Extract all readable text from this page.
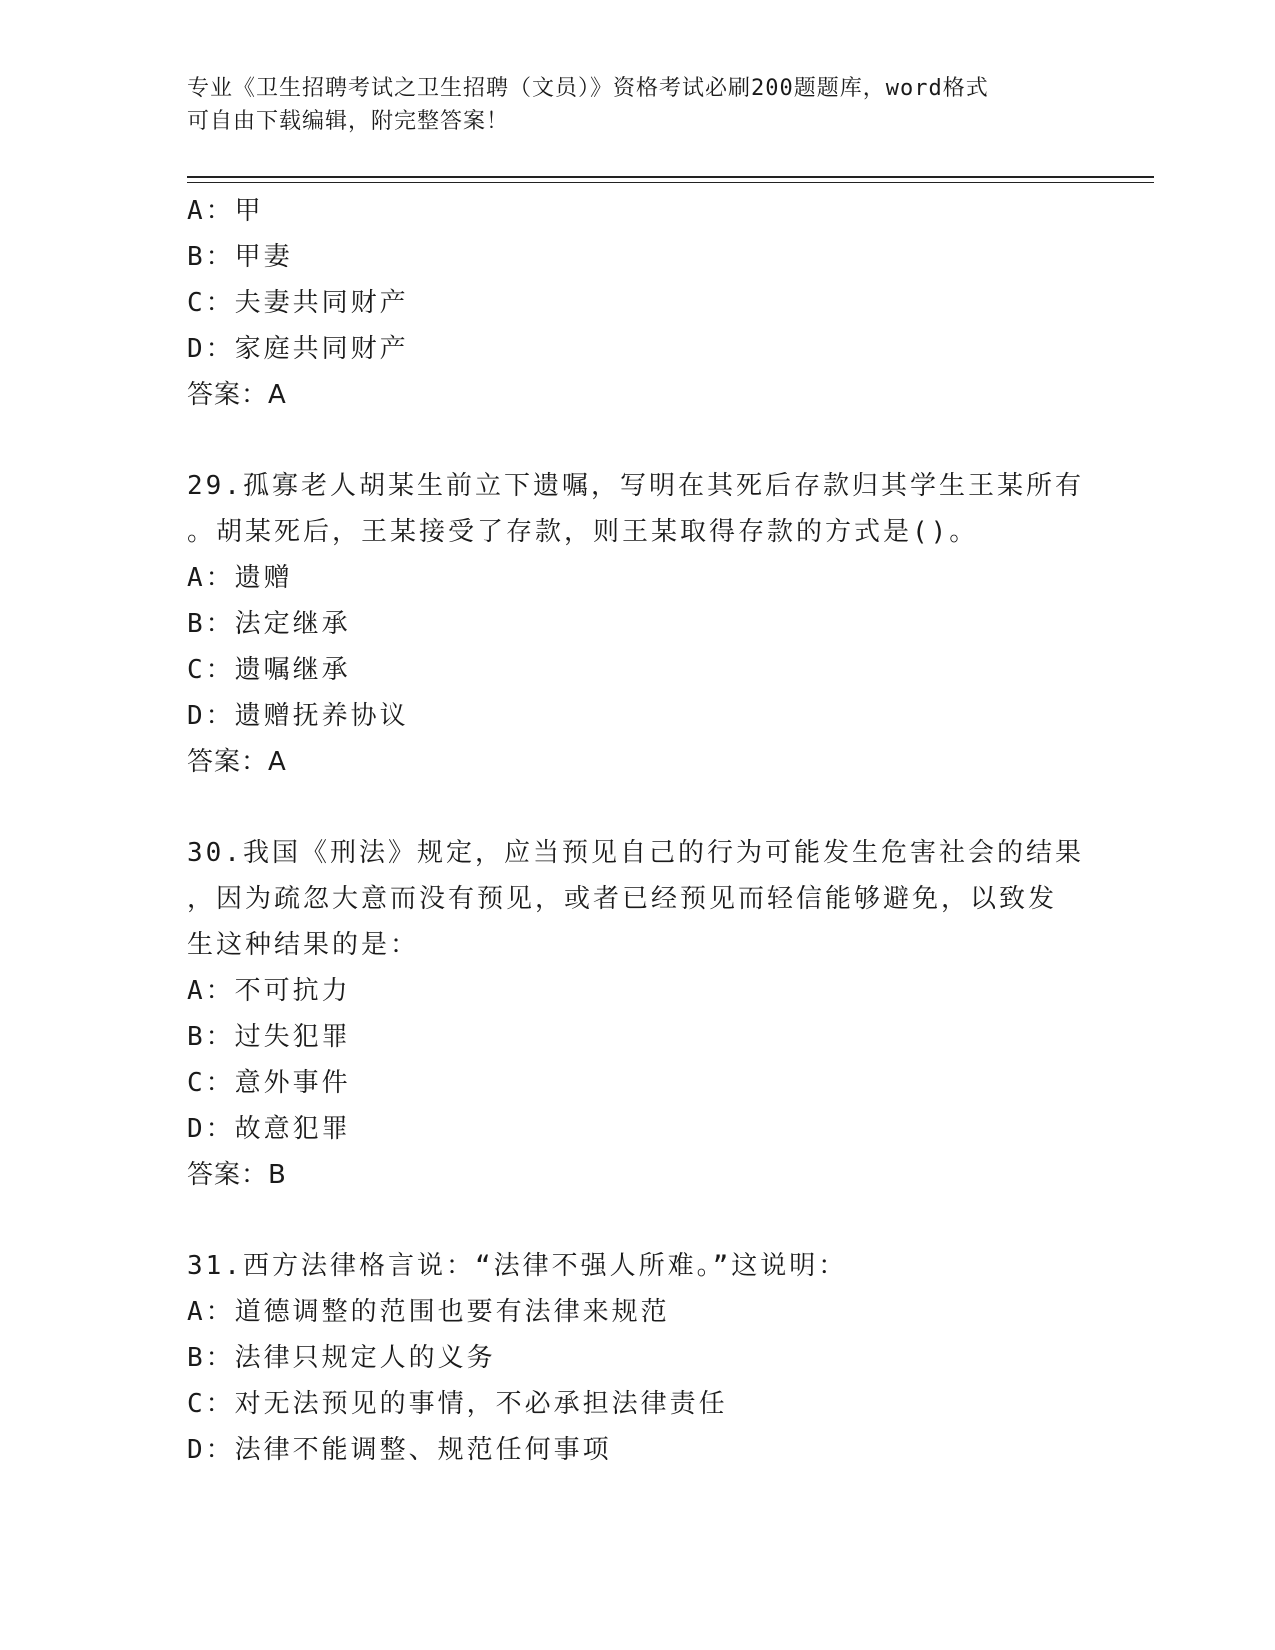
专业《卫生招聘考试之卫生招聘（文员）》资格考试必刷200题题库，word格式
可自由下载编辑，附完整答案！
A：甲
B：甲妻
C：夫妻共同财产
D：家庭共同财产
答案：A
29.孤寡老人胡某生前立下遗嘱，写明在其死后存款归其学生王某所有
。胡某死后，王某接受了存款，则王某取得存款的方式是()。
A：遗赠
B：法定继承
C：遗嘱继承
D：遗赠抚养协议
答案：A
30.我国《刑法》规定，应当预见自己的行为可能发生危害社会的结果
，因为疏忽大意而没有预见，或者已经预见而轻信能够避免，以致发
生这种结果的是：
A：不可抗力
B：过失犯罪
C：意外事件
D：故意犯罪
答案：B
31.西方法律格言说：“法律不强人所难。”这说明：
A：道德调整的范围也要有法律来规范
B：法律只规定人的义务
C：对无法预见的事情，不必承担法律责任
D：法律不能调整、规范任何事项
